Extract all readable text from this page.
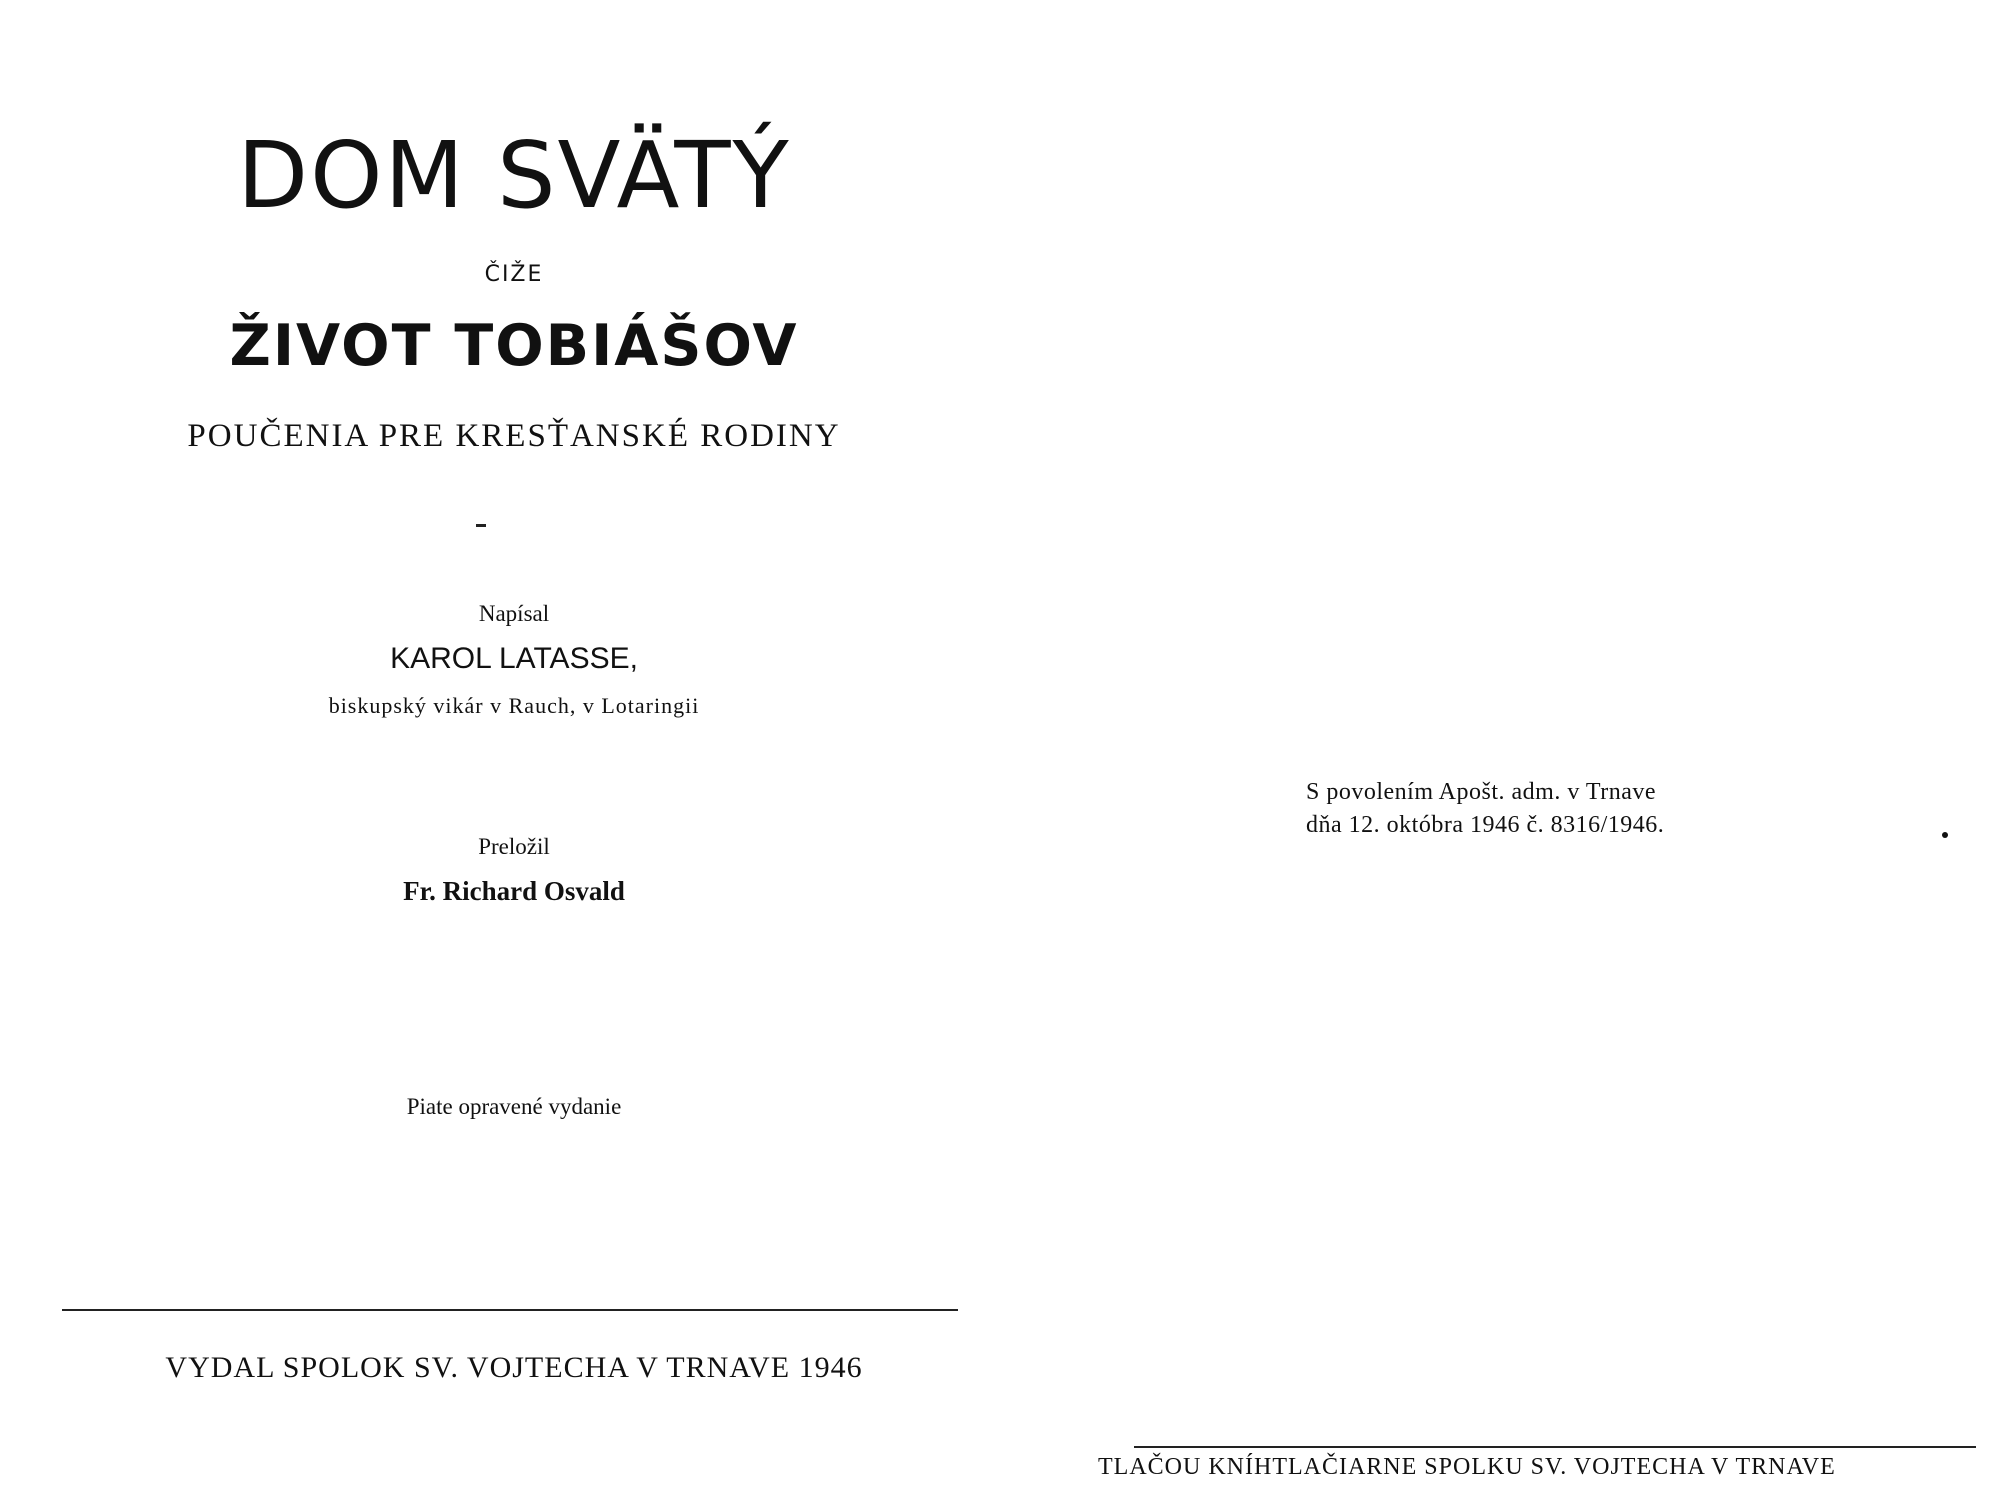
DOM SVÄTÝ
ČIŽE
ŽIVOT TOBIÁŠOV
POUČENIA PRE KRESŤANSKÉ RODINY
Napísal
KAROL LATASSE,
biskupský vikár v Rauch, v Lotaringii
Preložil
Fr. Richard Osvald
Piate opravené vydanie
VYDAL SPOLOK SV. VOJTECHA V TRNAVE 1946
S povolením Apošt. adm. v Trnave
dňa 12. októbra 1946 č. 8316/1946.
TLAČOU KNÍHTLAČIARNE SPOLKU SV. VOJTECHA V TRNAVE
